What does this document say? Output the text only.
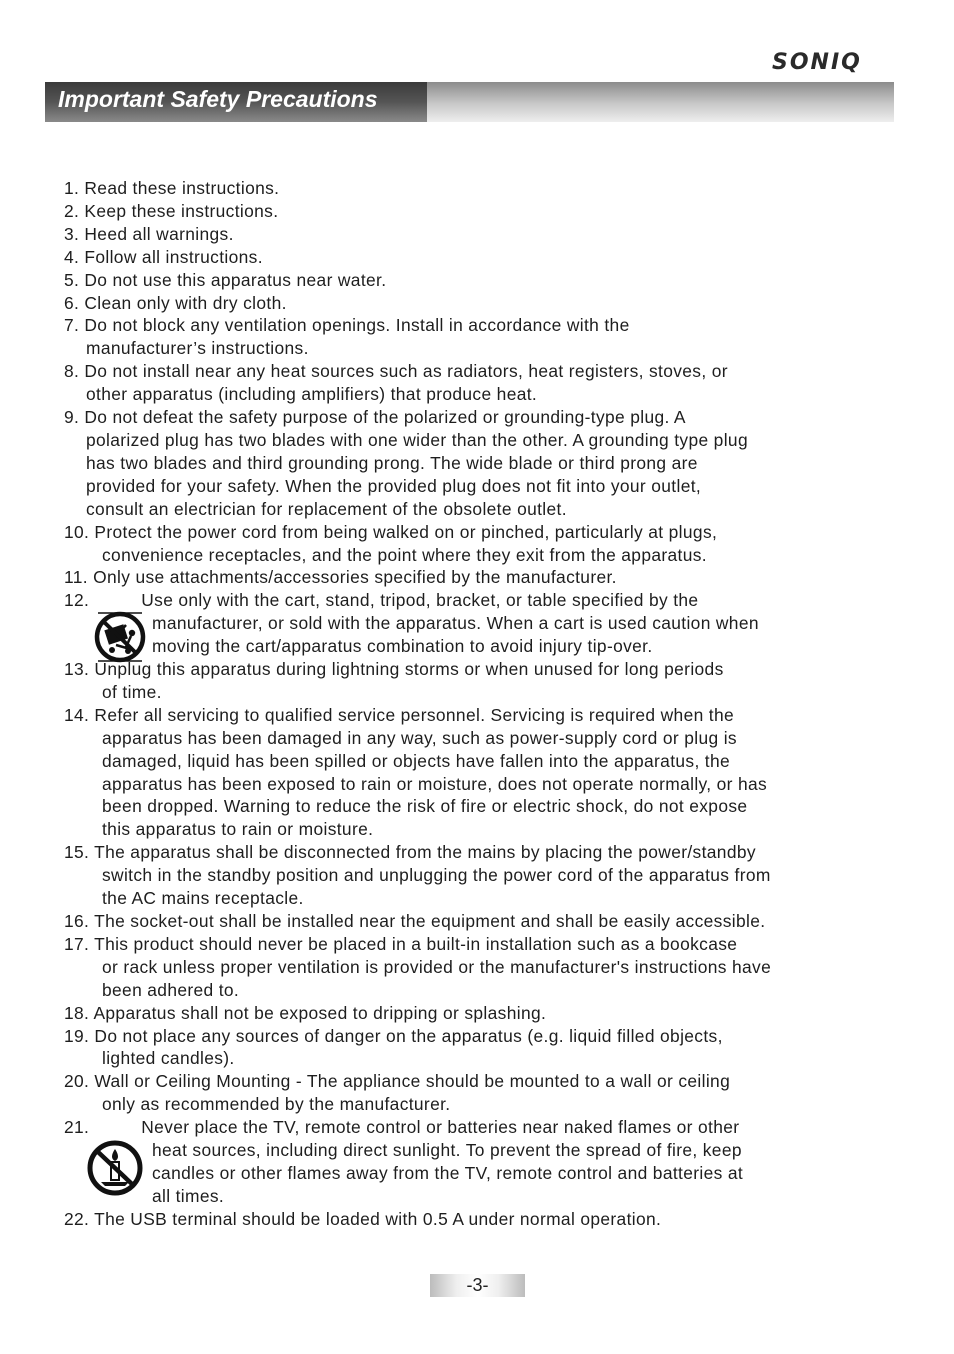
SONIQ
Important Safety Precautions
1. Read these instructions.
2. Keep these instructions.
3. Heed all warnings.
4. Follow all instructions.
5. Do not use this apparatus near water.
6. Clean only with dry cloth.
7. Do not block any ventilation openings. Install in accordance with the
manufacturer’s instructions.
8. Do not install near any heat sources such as radiators, heat registers, stoves, or
other apparatus (including amplifiers) that produce heat.
9. Do not defeat the safety purpose of the polarized or grounding-type plug. A
polarized plug has two blades with one wider than the other. A grounding type plug
has two blades and third grounding prong. The wide blade or third prong are
provided for your safety. When the provided plug does not fit into your outlet,
consult an electrician for replacement of the obsolete outlet.
10. Protect the power cord from being walked on or pinched, particularly at plugs,
convenience receptacles, and the point where they exit from the apparatus.
11. Only use attachments/accessories specified by the manufacturer.
12.	Use only with the cart, stand, tripod, bracket, or table specified by the
manufacturer, or sold with the apparatus. When a cart is used caution when
moving the cart/apparatus combination to avoid injury tip-over.
13. Unplug this apparatus during lightning storms or when unused for long periods
of time.
14. Refer all servicing to qualified service personnel. Servicing is required when the
apparatus has been damaged in any way, such as power-supply cord or plug is
damaged, liquid has been spilled or objects have fallen into the apparatus, the
apparatus has been exposed to rain or moisture, does not operate normally, or has
been dropped. Warning to reduce the risk of fire or electric shock, do not expose
this apparatus to rain or moisture.
15. The apparatus shall be disconnected from the mains by placing the power/standby
switch in the standby position and unplugging the power cord of the apparatus from
the AC mains receptacle.
16. The socket-out shall be installed near the equipment and shall be easily accessible.
17. This product should never be placed in a built-in installation such as a bookcase
or rack unless proper ventilation is provided or the manufacturer's instructions have
been adhered to.
18. Apparatus shall not be exposed to dripping or splashing.
19. Do not place any sources of danger on the apparatus (e.g. liquid filled objects,
lighted candles).
20. Wall or Ceiling Mounting - The appliance should be mounted to a wall or ceiling
only as recommended by the manufacturer.
21.	Never place the TV, remote control or batteries near naked flames or other
heat sources, including direct sunlight. To prevent the spread of fire, keep
candles or other flames away from the TV, remote control and batteries at
all times.
22. The USB terminal should be loaded with 0.5 A under normal operation.
-3-
